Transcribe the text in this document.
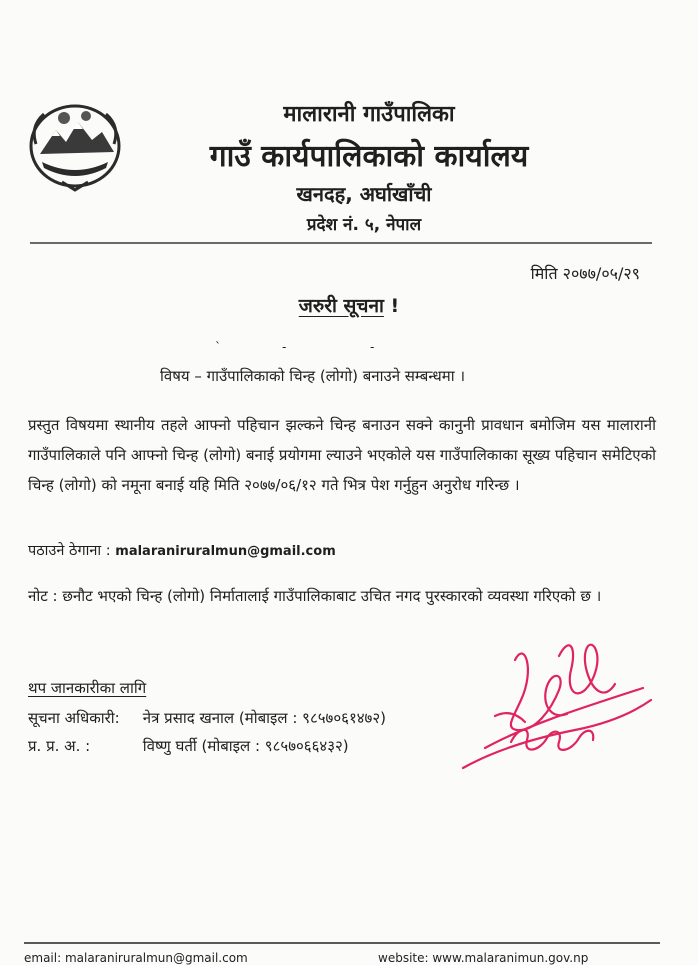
मालारानी गाउँपालिका
गाउँ कार्यपालिकाको कार्यालय
खनदह, अर्घाखाँची
प्रदेश नं. ५, नेपाल
मिति २०७७/०५/२९
जरुरी सूचना !
`	-	-
विषय – गाउँपालिकाको चिन्ह (लोगो) बनाउने सम्बन्धमा ।
प्रस्तुत विषयमा स्थानीय तहले आफ्नो पहिचान झल्कने चिन्ह बनाउन सक्ने कानुनी प्रावधान बमोजिम यस मालारानी गाउँपालिकाले पनि आफ्नो चिन्ह (लोगो) बनाई प्रयोगमा ल्याउने भएकोले यस गाउँपालिकाका सूख्य पहिचान समेटिएको चिन्ह (लोगो) को नमूना बनाई यहि मिति २०७७/०६/१२ गते भित्र पेश गर्नुहुन अनुरोध गरिन्छ ।
पठाउने ठेगाना : malaraniruralmun@gmail.com
नोट : छनौट भएको चिन्ह (लोगो) निर्मातालाई गाउँपालिकाबाट उचित नगद पुरस्कारको व्यवस्था गरिएको छ ।
थप जानकारीका लागि
सूचना अधिकारी: नेत्र प्रसाद खनाल (मोबाइल : ९८५७०६१४७२)
प्र. प्र. अ. :	विष्णु घर्ती (मोबाइल : ९८५७०६६४३२)
email: malaraniruralmun@gmail.com	website: www.malaranimun.gov.np
